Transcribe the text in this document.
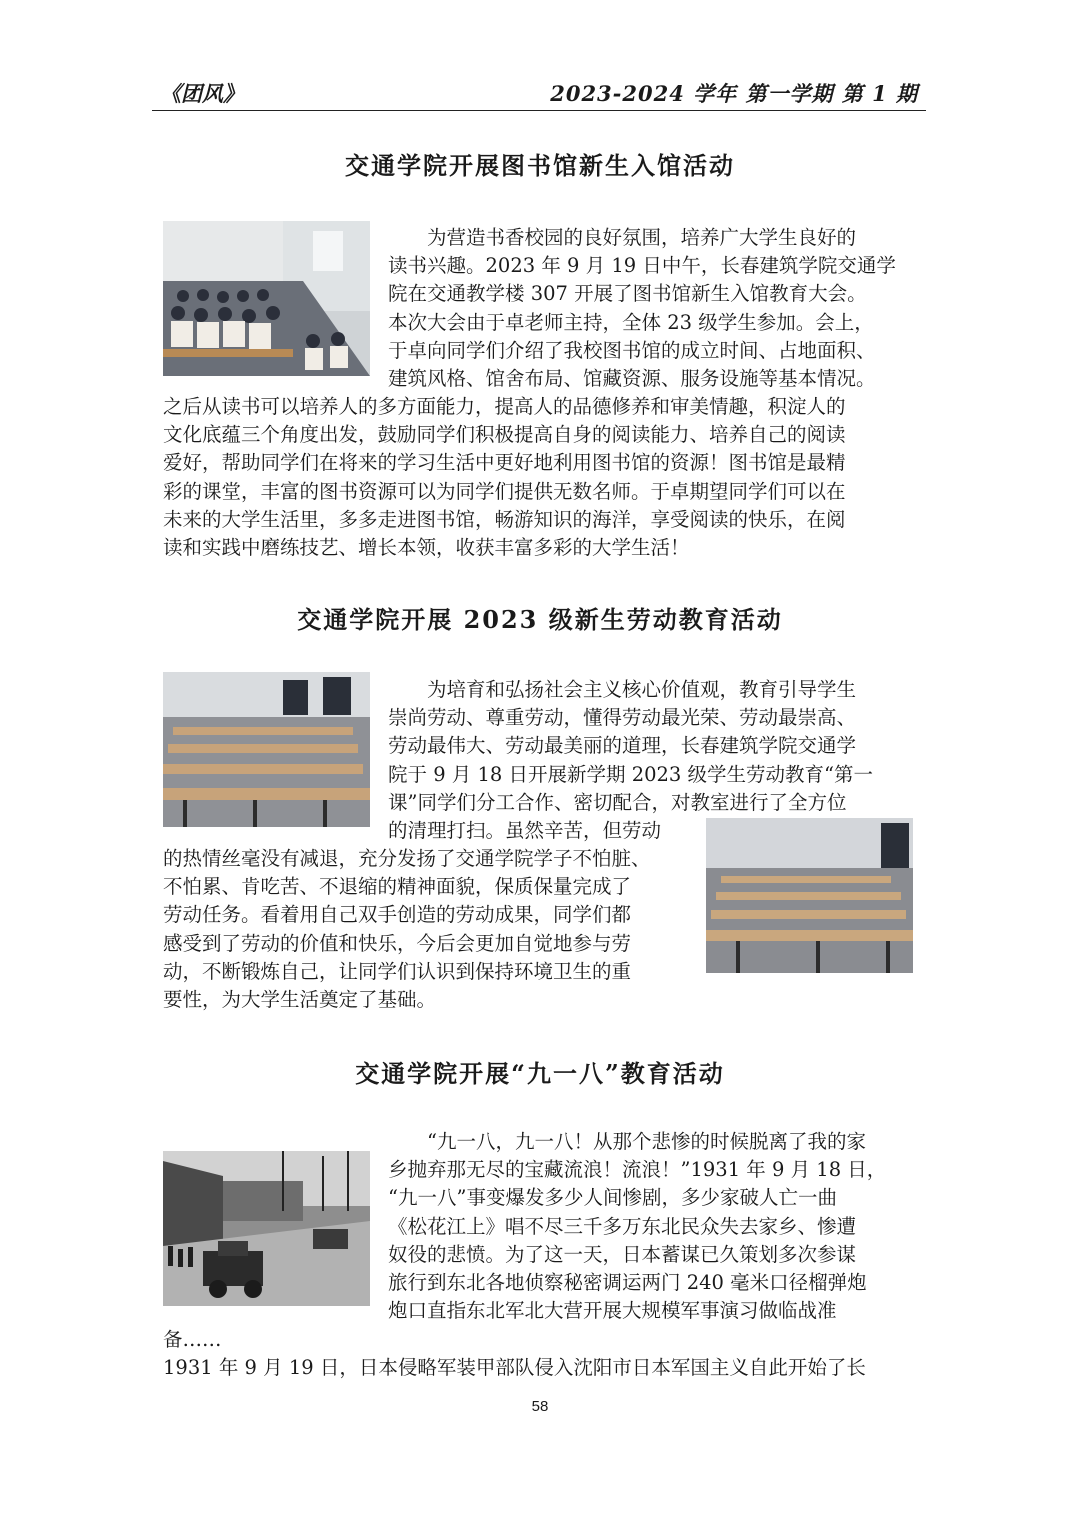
《团风》	2023-2024 学年 第一学期 第 1 期
交通学院开展图书馆新生入馆活动

　　为营造书香校园的良好氛围，培养广大学生良好的
读书兴趣。2023 年 9 月 19 日中午，长春建筑学院交通学
院在交通教学楼 307 开展了图书馆新生入馆教育大会。
本次大会由于卓老师主持，全体 23 级学生参加。会上，
于卓向同学们介绍了我校图书馆的成立时间、占地面积、
建筑风格、馆舍布局、馆藏资源、服务设施等基本情况。

之后从读书可以培养人的多方面能力，提高人的品德修养和审美情趣，积淀人的
文化底蕴三个角度出发，鼓励同学们积极提高自身的阅读能力、培养自己的阅读
爱好，帮助同学们在将来的学习生活中更好地利用图书馆的资源！图书馆是最精
彩的课堂，丰富的图书资源可以为同学们提供无数名师。于卓期望同学们可以在
未来的大学生活里，多多走进图书馆，畅游知识的海洋，享受阅读的快乐，在阅
读和实践中磨练技艺、增长本领，收获丰富多彩的大学生活！

交通学院开展 2023 级新生劳动教育活动

　　为培育和弘扬社会主义核心价值观，教育引导学生
崇尚劳动、尊重劳动，懂得劳动最光荣、劳动最崇高、
劳动最伟大、劳动最美丽的道理，长春建筑学院交通学
院于 9 月 18 日开展新学期 2023 级学生劳动教育“第一
课”同学们分工合作、密切配合，对教室进行了全方位
的清理打扫。虽然辛苦，但劳动

的热情丝毫没有减退，充分发扬了交通学院学子不怕脏、
不怕累、肯吃苦、不退缩的精神面貌，保质保量完成了
劳动任务。看着用自己双手创造的劳动成果，同学们都
感受到了劳动的价值和快乐，今后会更加自觉地参与劳
动，不断锻炼自己，让同学们认识到保持环境卫生的重
要性，为大学生活奠定了基础。

交通学院开展“九一八”教育活动

　　“九一八，九一八！从那个悲惨的时候脱离了我的家
乡抛弃那无尽的宝藏流浪！流浪！”1931 年 9 月 18 日，
“九一八”事变爆发多少人间惨剧，多少家破人亡一曲
《松花江上》唱不尽三千多万东北民众失去家乡、惨遭
奴役的悲愤。为了这一天，日本蓄谋已久策划多次参谋
旅行到东北各地侦察秘密调运两门 240 毫米口径榴弹炮
炮口直指东北军北大营开展大规模军事演习做临战准

备……
1931 年 9 月 19 日，日本侵略军装甲部队侵入沈阳市日本军国主义自此开始了长

58
